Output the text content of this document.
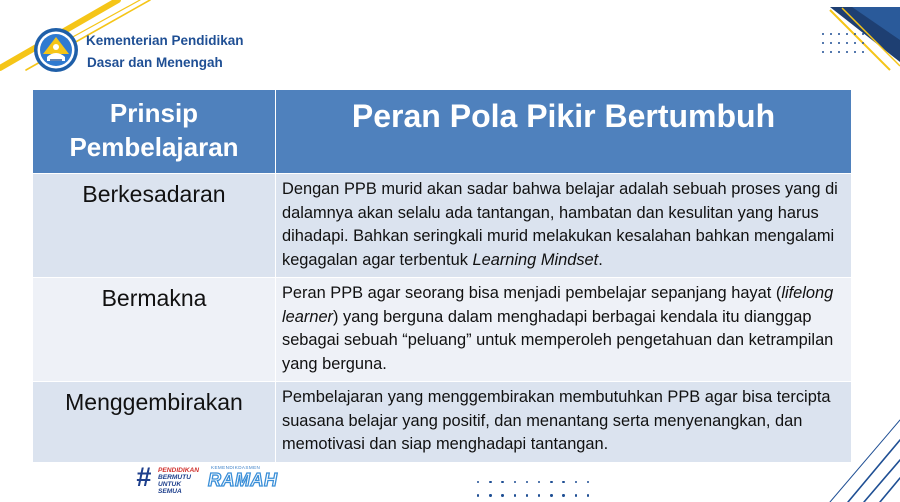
Kementerian Pendidikan
Dasar dan Menengah
Prinsip Pembelajaran	Peran Pola Pikir Bertumbuh
Berkesadaran	Dengan PPB murid akan sadar bahwa belajar adalah sebuah proses yang di dalamnya akan selalu ada tantangan, hambatan dan kesulitan yang harus dihadapi. Bahkan seringkali murid melakukan kesalahan bahkan mengalami kegagalan agar terbentuk Learning Mindset.
Bermakna	Peran PPB agar seorang bisa menjadi pembelajar sepanjang hayat (lifelong learner) yang berguna dalam menghadapi berbagai kendala itu dianggap sebagai sebuah “peluang” untuk memperoleh pengetahuan dan ketrampilan yang berguna.
Menggembirakan	Pembelajaran yang menggembirakan membutuhkan PPB agar bisa tercipta suasana belajar yang positif, dan menantang serta menyenangkan, dan memotivasi dan siap menghadapi tantangan.
# PENDIDIKAN
BERMUTU
UNTUK SEMUA
KEMENDIKDASMEN
RAMAH
